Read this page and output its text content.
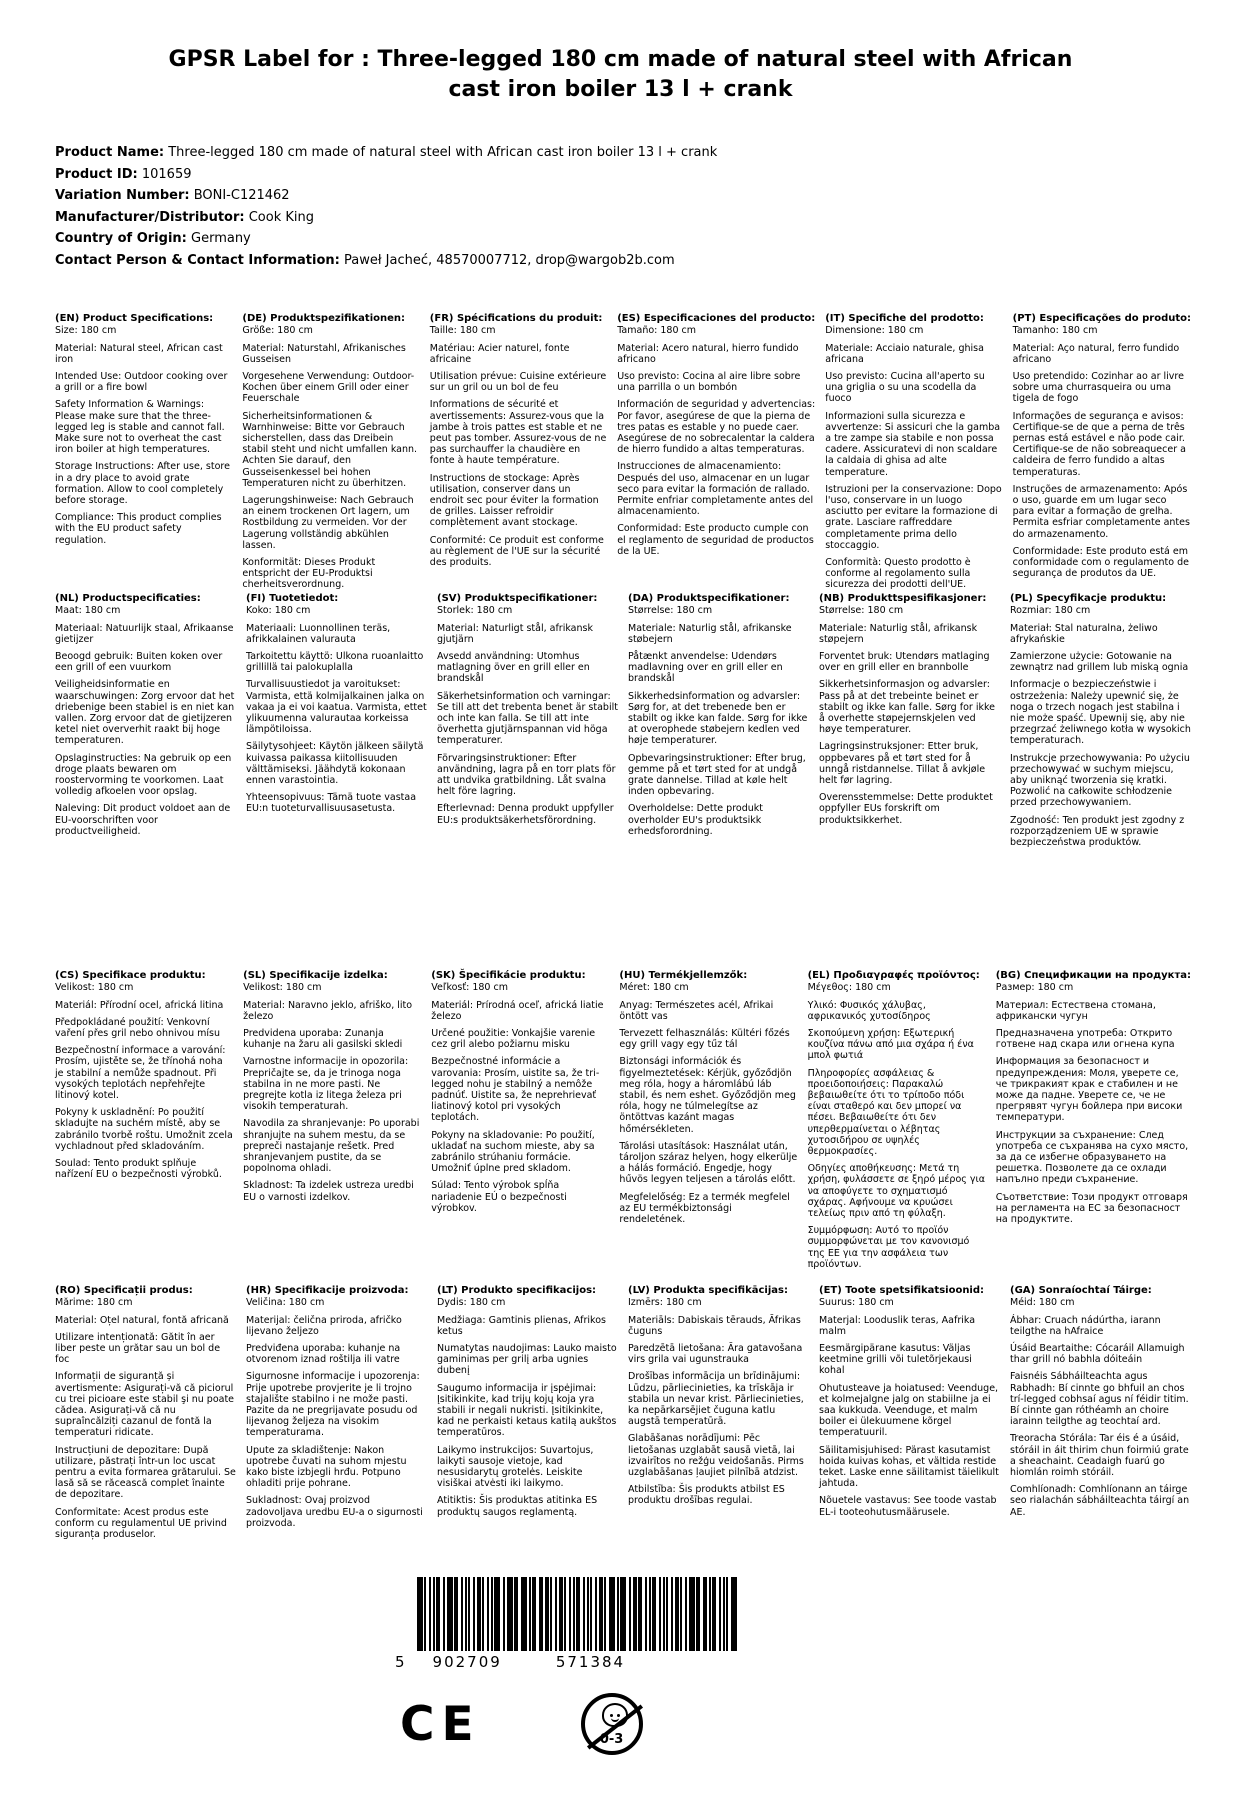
GPSR Label for : Three-legged 180 cm made of natural steel with African cast iron boiler 13 l + crank
Product Name: Three-legged 180 cm made of natural steel with African cast iron boiler 13 l + crank
Product ID: 101659
Variation Number: BONI-C121462
Manufacturer/Distributor: Cook King
Country of Origin: Germany
Contact Person & Contact Information: Paweł Jacheć, 48570007712, drop@wargob2b.com
(EN) Product Specifications:

Size: 180 cm

Material: Natural steel, African cast iron

Intended Use: Outdoor cooking over a grill or a fire bowl

Safety Information & Warnings: Please make sure that the three-legged leg is stable and cannot fall. Make sure not to overheat the cast iron boiler at high temperatures.

Storage Instructions: After use, store in a dry place to avoid grate formation. Allow to cool completely before storage.

Compliance: This product complies with the EU product safety regulation.

(DE) Produktspezifikationen:

Größe: 180 cm

Material: Naturstahl, Afrikanisches Gusseisen

Vorgesehene Verwendung: Outdoor-Kochen über einem Grill oder einer Feuerschale

Sicherheitsinformationen & Warnhinweise: Bitte vor Gebrauch sicherstellen, dass das Dreibein stabil steht und nicht umfallen kann. Achten Sie darauf, den Gusseisenkessel bei hohen Temperaturen nicht zu überhitzen.

Lagerungshinweise: Nach Gebrauch an einem trockenen Ort lagern, um Rostbildung zu vermeiden. Vor der Lagerung vollständig abkühlen lassen.

Konformität: Dieses Produkt entspricht der EU-Produktsi cherheitsverordnung.

(FR) Spécifications du produit:

Taille: 180 cm

Matériau: Acier naturel, fonte africaine

Utilisation prévue: Cuisine extérieure sur un gril ou un bol de feu

Informations de sécurité et avertissements: Assurez-vous que la jambe à trois pattes est stable et ne peut pas tomber. Assurez-vous de ne pas surchauffer la chaudière en fonte à haute température.

Instructions de stockage: Après utilisation, conserver dans un endroit sec pour éviter la formation de grilles. Laisser refroidir complètement avant stockage.

Conformité: Ce produit est conforme au règlement de l'UE sur la sécurité des produits.

(ES) Especificaciones del producto:

Tamaño: 180 cm

Material: Acero natural, hierro fundido africano

Uso previsto: Cocina al aire libre sobre una parrilla o un bombón

Información de seguridad y advertencias: Por favor, asegúrese de que la pierna de tres patas es estable y no puede caer. Asegúrese de no sobrecalentar la caldera de hierro fundido a altas temperaturas.

Instrucciones de almacenamiento: Después del uso, almacenar en un lugar seco para evitar la formación de rallado. Permite enfriar completamente antes del almacenamiento.

Conformidad: Este producto cumple con el reglamento de seguridad de productos de la UE.

(IT) Specifiche del prodotto:

Dimensione: 180 cm

Materiale: Acciaio naturale, ghisa africana

Uso previsto: Cucina all'aperto su una griglia o su una scodella da fuoco

Informazioni sulla sicurezza e avvertenze: Si assicuri che la gamba a tre zampe sia stabile e non possa cadere. Assicuratevi di non scaldare la caldaia di ghisa ad alte temperature.

Istruzioni per la conservazione: Dopo l'uso, conservare in un luogo asciutto per evitare la formazione di grate. Lasciare raffreddare completamente prima dello stoccaggio.

Conformità: Questo prodotto è conforme al regolamento sulla sicurezza dei prodotti dell'UE.

(PT) Especificações do produto:

Tamanho: 180 cm

Material: Aço natural, ferro fundido africano

Uso pretendido: Cozinhar ao ar livre sobre uma churrasqueira ou uma tigela de fogo

Informações de segurança e avisos: Certifique-se de que a perna de três pernas está estável e não pode cair. Certifique-se de não sobreaquecer a caldeira de ferro fundido a altas temperaturas.

Instruções de armazenamento: Após o uso, guarde em um lugar seco para evitar a formação de grelha. Permita esfriar completamente antes do armazenamento.

Conformidade: Este produto está em conformidade com o regulamento de segurança de produtos da UE.

(NL) Productspecificaties:

Maat: 180 cm

Materiaal: Natuurlijk staal, Afrikaanse gietijzer

Beoogd gebruik: Buiten koken over een grill of een vuurkom

Veiligheidsinformatie en waarschuwingen: Zorg ervoor dat het driebenige been stabiel is en niet kan vallen. Zorg ervoor dat de gietijzeren ketel niet oververhit raakt bij hoge temperaturen.

Opslaginstructies: Na gebruik op een droge plaats bewaren om roostervorming te voorkomen. Laat volledig afkoelen voor opslag.

Naleving: Dit product voldoet aan de EU-voorschriften voor productveiligheid.

(FI) Tuotetiedot:

Koko: 180 cm

Materiaali: Luonnollinen teräs, afrikkalainen valurauta

Tarkoitettu käyttö: Ulkona ruoanlaitto grillillä tai palokuplalla

Turvallisuustiedot ja varoitukset: Varmista, että kolmijalkainen jalka on vakaa ja ei voi kaatua. Varmista, ettet ylikuumenna valurautaa korkeissa lämpötiloissa.

Säilytysohjeet: Käytön jälkeen säilytä kuivassa paikassa kiitollisuuden välttämiseksi. Jäähdytä kokonaan ennen varastointia.

Yhteensopivuus: Tämä tuote vastaa EU:n tuoteturvallisuusasetusta.

(SV) Produktspecifikationer:

Storlek: 180 cm

Material: Naturligt stål, afrikansk gjutjärn

Avsedd användning: Utomhus matlagning över en grill eller en brandskål

Säkerhetsinformation och varningar: Se till att det trebenta benet är stabilt och inte kan falla. Se till att inte överhetta gjutjärnspannan vid höga temperaturer.

Förvaringsinstruktioner: Efter användning, lagra på en torr plats för att undvika gratbildning. Låt svalna helt före lagring.

Efterlevnad: Denna produkt uppfyller EU:s produktsäkerhetsförordning.

(DA) Produktspecifikationer:

Størrelse: 180 cm

Materiale: Naturlig stål, afrikanske støbejern

Påtænkt anvendelse: Udendørs madlavning over en grill eller en brandskål

Sikkerhedsinformation og advarsler: Sørg for, at det trebenede ben er stabilt og ikke kan falde. Sørg for ikke at overophede støbejern kedlen ved høje temperaturer.

Opbevaringsinstruktioner: Efter brug, gemme på et tørt sted for at undgå grate dannelse. Tillad at køle helt inden opbevaring.

Overholdelse: Dette produkt overholder EU's produktsikk erhedsforordning.

(NB) Produkttspesifikasjoner:

Størrelse: 180 cm

Materiale: Naturlig stål, afrikansk støpejern

Forventet bruk: Utendørs matlaging over en grill eller en brannbolle

Sikkerhetsinformasjon og advarsler: Pass på at det trebeinte beinet er stabilt og ikke kan falle. Sørg for ikke å overhette støpejernskjelen ved høye temperaturer.

Lagringsinstruksjoner: Etter bruk, oppbevares på et tørt sted for å unngå ristdannelse. Tillat å avkjøle helt før lagring.

Overensstemmelse: Dette produktet oppfyller EUs forskrift om produktsikkerhet.

(PL) Specyfikacje produktu:

Rozmiar: 180 cm

Materiał: Stal naturalna, żeliwo afrykańskie

Zamierzone użycie: Gotowanie na zewnątrz nad grillem lub miską ognia

Informacje o bezpieczeństwie i ostrzeżenia: Należy upewnić się, że noga o trzech nogach jest stabilna i nie może spaść. Upewnij się, aby nie przegrzać żeliwnego kotła w wysokich temperaturach.

Instrukcje przechowywania: Po użyciu przechowywać w suchym miejscu, aby uniknąć tworzenia się kratki. Pozwolić na całkowite schłodzenie przed przechowywaniem.

Zgodność: Ten produkt jest zgodny z rozporządzeniem UE w sprawie bezpieczeństwa produktów.

(CS) Specifikace produktu:

Velikost: 180 cm

Materiál: Přírodní ocel, africká litina

Předpokládané použití: Venkovní vaření přes gril nebo ohnivou mísu

Bezpečnostní informace a varování: Prosím, ujistěte se, že třínohá noha je stabilní a nemůže spadnout. Při vysokých teplotách nepřehřejte litinový kotel.

Pokyny k uskladnění: Po použití skladujte na suchém místě, aby se zabránilo tvorbě roštu. Umožnit zcela vychladnout před skladováním.

Soulad: Tento produkt splňuje nařízení EU o bezpečnosti výrobků.

(SL) Specifikacije izdelka:

Velikost: 180 cm

Material: Naravno jeklo, afriško, lito železo

Predvidena uporaba: Zunanja kuhanje na žaru ali gasilski skledi

Varnostne informacije in opozorila: Prepričajte se, da je trinoga noga stabilna in ne more pasti. Ne pregrejte kotla iz litega železa pri visokih temperaturah.

Navodila za shranjevanje: Po uporabi shranjujte na suhem mestu, da se prepreči nastajanje rešetk. Pred shranjevanjem pustite, da se popolnoma ohladi.

Skladnost: Ta izdelek ustreza uredbi EU o varnosti izdelkov.

(SK) Špecifikácie produktu:

Veľkosť: 180 cm

Materiál: Prírodná oceľ, africká liatie železo

Určené použitie: Vonkajšie varenie cez gril alebo požiarnu misku

Bezpečnostné informácie a varovania: Prosím, uistite sa, že tri-legged nohu je stabilný a nemôže padnúť. Uistite sa, že neprehrievať liatinový kotol pri vysokých teplotách.

Pokyny na skladovanie: Po použití, ukladať na suchom mieste, aby sa zabránilo strúhaniu formácie. Umožniť úplne pred skladom.

Súlad: Tento výrobok spĺňa nariadenie EÚ o bezpečnosti výrobkov.

(HU) Termékjellemzők:

Méret: 180 cm

Anyag: Természetes acél, Afrikai öntött vas

Tervezett felhasználás: Kültéri főzés egy grill vagy egy tűz tál

Biztonsági információk és figyelmeztetések: Kérjük, győződjön meg róla, hogy a háromlábú láb stabil, és nem eshet. Győződjön meg róla, hogy ne túlmelegítse az öntöttvas kazánt magas hőmérsékleten.

Tárolási utasítások: Használat után, tároljon száraz helyen, hogy elkerülje a hálás formáció. Engedje, hogy hűvös legyen teljesen a tárolás előtt.

Megfelelőség: Ez a termék megfelel az EU termékbiztonsági rendeletének.

(EL) Προδιαγραφές προϊόντος:

Μέγεθος: 180 cm

Υλικό: Φυσικός χάλυβας, αφρικανικός χυτοσίδηρος

Σκοπούμενη χρήση: Εξωτερική κουζίνα πάνω από μια σχάρα ή ένα μπολ φωτιά

Πληροφορίες ασφάλειας & προειδοποιήσεις: Παρακαλώ βεβαιωθείτε ότι το τρίποδο πόδι είναι σταθερό και δεν μπορεί να πέσει. Βεβαιωθείτε ότι δεν υπερθερμαίνεται ο λέβητας χυτοσιδήρου σε υψηλές θερμοκρασίες.

Οδηγίες αποθήκευσης: Μετά τη χρήση, φυλάσσετε σε ξηρό μέρος για να αποφύγετε το σχηματισμό σχάρας. Αφήνουμε να κρυώσει τελείως πριν από τη φύλαξη.

Συμμόρφωση: Αυτό το προϊόν συμμορφώνεται με τον κανονισμό της ΕΕ για την ασφάλεια των προϊόντων.

(BG) Спецификации на продукта:

Размер: 180 cm

Материал: Естествена стомана, африкански чугун

Предназначена употреба: Открито готвене над скара или огнена купа

Информация за безопасност и предупреждения: Моля, уверете се, че трикракият крак е стабилен и не може да падне. Уверете се, че не прегрявят чугун бойлера при високи температури.

Инструкции за съхранение: След употреба се съхранява на сухо място, за да се избегне образуването на решетка. Позволете да се охлади напълно преди съхранение.

Съответствие: Този продукт отговаря на регламента на ЕС за безопасност на продуктите.

(RO) Specificații produs:

Mărime: 180 cm

Material: Oțel natural, fontă africană

Utilizare intenționată: Gătit în aer liber peste un grătar sau un bol de foc

Informații de siguranță și avertismente: Asigurați-vă că piciorul cu trei picioare este stabil şi nu poate cădea. Asigurați-vă că nu supraîncălziți cazanul de fontă la temperaturi ridicate.

Instrucțiuni de depozitare: După utilizare, păstrați într-un loc uscat pentru a evita formarea grătarului. Se lasă să se răcească complet înainte de depozitare.

Conformitate: Acest produs este conform cu regulamentul UE privind siguranța produselor.

(HR) Specifikacije proizvoda:

Veličina: 180 cm

Materijal: čelična priroda, afričko lijevano željezo

Predviđena uporaba: kuhanje na otvorenom iznad roštilja ili vatre

Sigurnosne informacije i upozorenja: Prije upotrebe provjerite je li trojno stajalište stabilno i ne može pasti. Pazite da ne pregrijavate posudu od lijevanog željeza na visokim temperaturama.

Upute za skladištenje: Nakon upotrebe čuvati na suhom mjestu kako biste izbjegli hrđu. Potpuno ohladiti prije pohrane.

Sukladnost: Ovaj proizvod zadovoljava uredbu EU-a o sigurnosti proizvoda.

(LT) Produkto specifikacijos:

Dydis: 180 cm

Medžiaga: Gamtinis plienas, Afrikos ketus

Numatytas naudojimas: Lauko maisto gaminimas per grilį arba ugnies dubenį

Saugumo informacija ir įspėjimai: Įsitikinkite, kad trijų kojų koja yra stabili ir negali nukristi. Įsitikinkite, kad ne perkaisti ketaus katilą aukštos temperatūros.

Laikymo instrukcijos: Suvartojus, laikyti sausoje vietoje, kad nesusidarytų grotelės. Leiskite visiškai atvėsti iki laikymo.

Atitiktis: Šis produktas atitinka ES produktų saugos reglamentą.

(LV) Produkta specifikācijas:

Izmērs: 180 cm

Materiāls: Dabiskais tērauds, Āfrikas čuguns

Paredzētā lietošana: Āra gatavošana virs grila vai ugunstrauka

Drošības informācija un brīdinājumi: Lūdzu, pārliecinieties, ka trīskāja ir stabila un nevar krist. Pārliecinieties, ka nepārkarsējiet čuguna katlu augstā temperatūrā.

Glabāšanas norādījumi: Pēc lietošanas uzglabāt sausā vietā, lai izvairītos no režģu veidošanās. Pirms uzglabāšanas ļaujiet pilnībā atdzist.

Atbilstība: Šis produkts atbilst ES produktu drošības regulai.

(ET) Toote spetsifikatsioonid:

Suurus: 180 cm

Materjal: Looduslik teras, Aafrika malm

Eesmärgipärane kasutus: Väljas keetmine grilli või tuletõrjekausi kohal

Ohutusteave ja hoiatused: Veenduge, et kolmejalgne jalg on stabiilne ja ei saa kukkuda. Veenduge, et malm boiler ei ülekuumene kõrgel temperatuuril.

Säilitamisjuhised: Pärast kasutamist hoida kuivas kohas, et vältida restide teket. Laske enne säilitamist täielikult jahtuda.

Nõuetele vastavus: See toode vastab EL-i tooteohutusmäärusele.

(GA) Sonraíochtaí Táirge:

Méid: 180 cm

Ábhar: Cruach nádúrtha, iarann teilgthe na hAfraice

Úsáid Beartaithe: Cócaráil Allamuigh thar grill nó babhla dóiteáin

Faisnéis Sábháilteachta agus Rabhadh: Bí cinnte go bhfuil an chos trí-legged cobhsaí agus ní féidir titim. Bí cinnte gan róthéamh an choire iarainn teilgthe ag teochtaí ard.

Treoracha Stórála: Tar éis é a úsáid, stóráil in áit thirim chun foirmiú grate a sheachaint. Ceadaigh fuarú go hiomlán roimh stóráil.

Comhlíonadh: Comhlíonann an táirge seo rialachán sábháilteachta táirgí an AE.

5 902709	571384
CE	0-3
